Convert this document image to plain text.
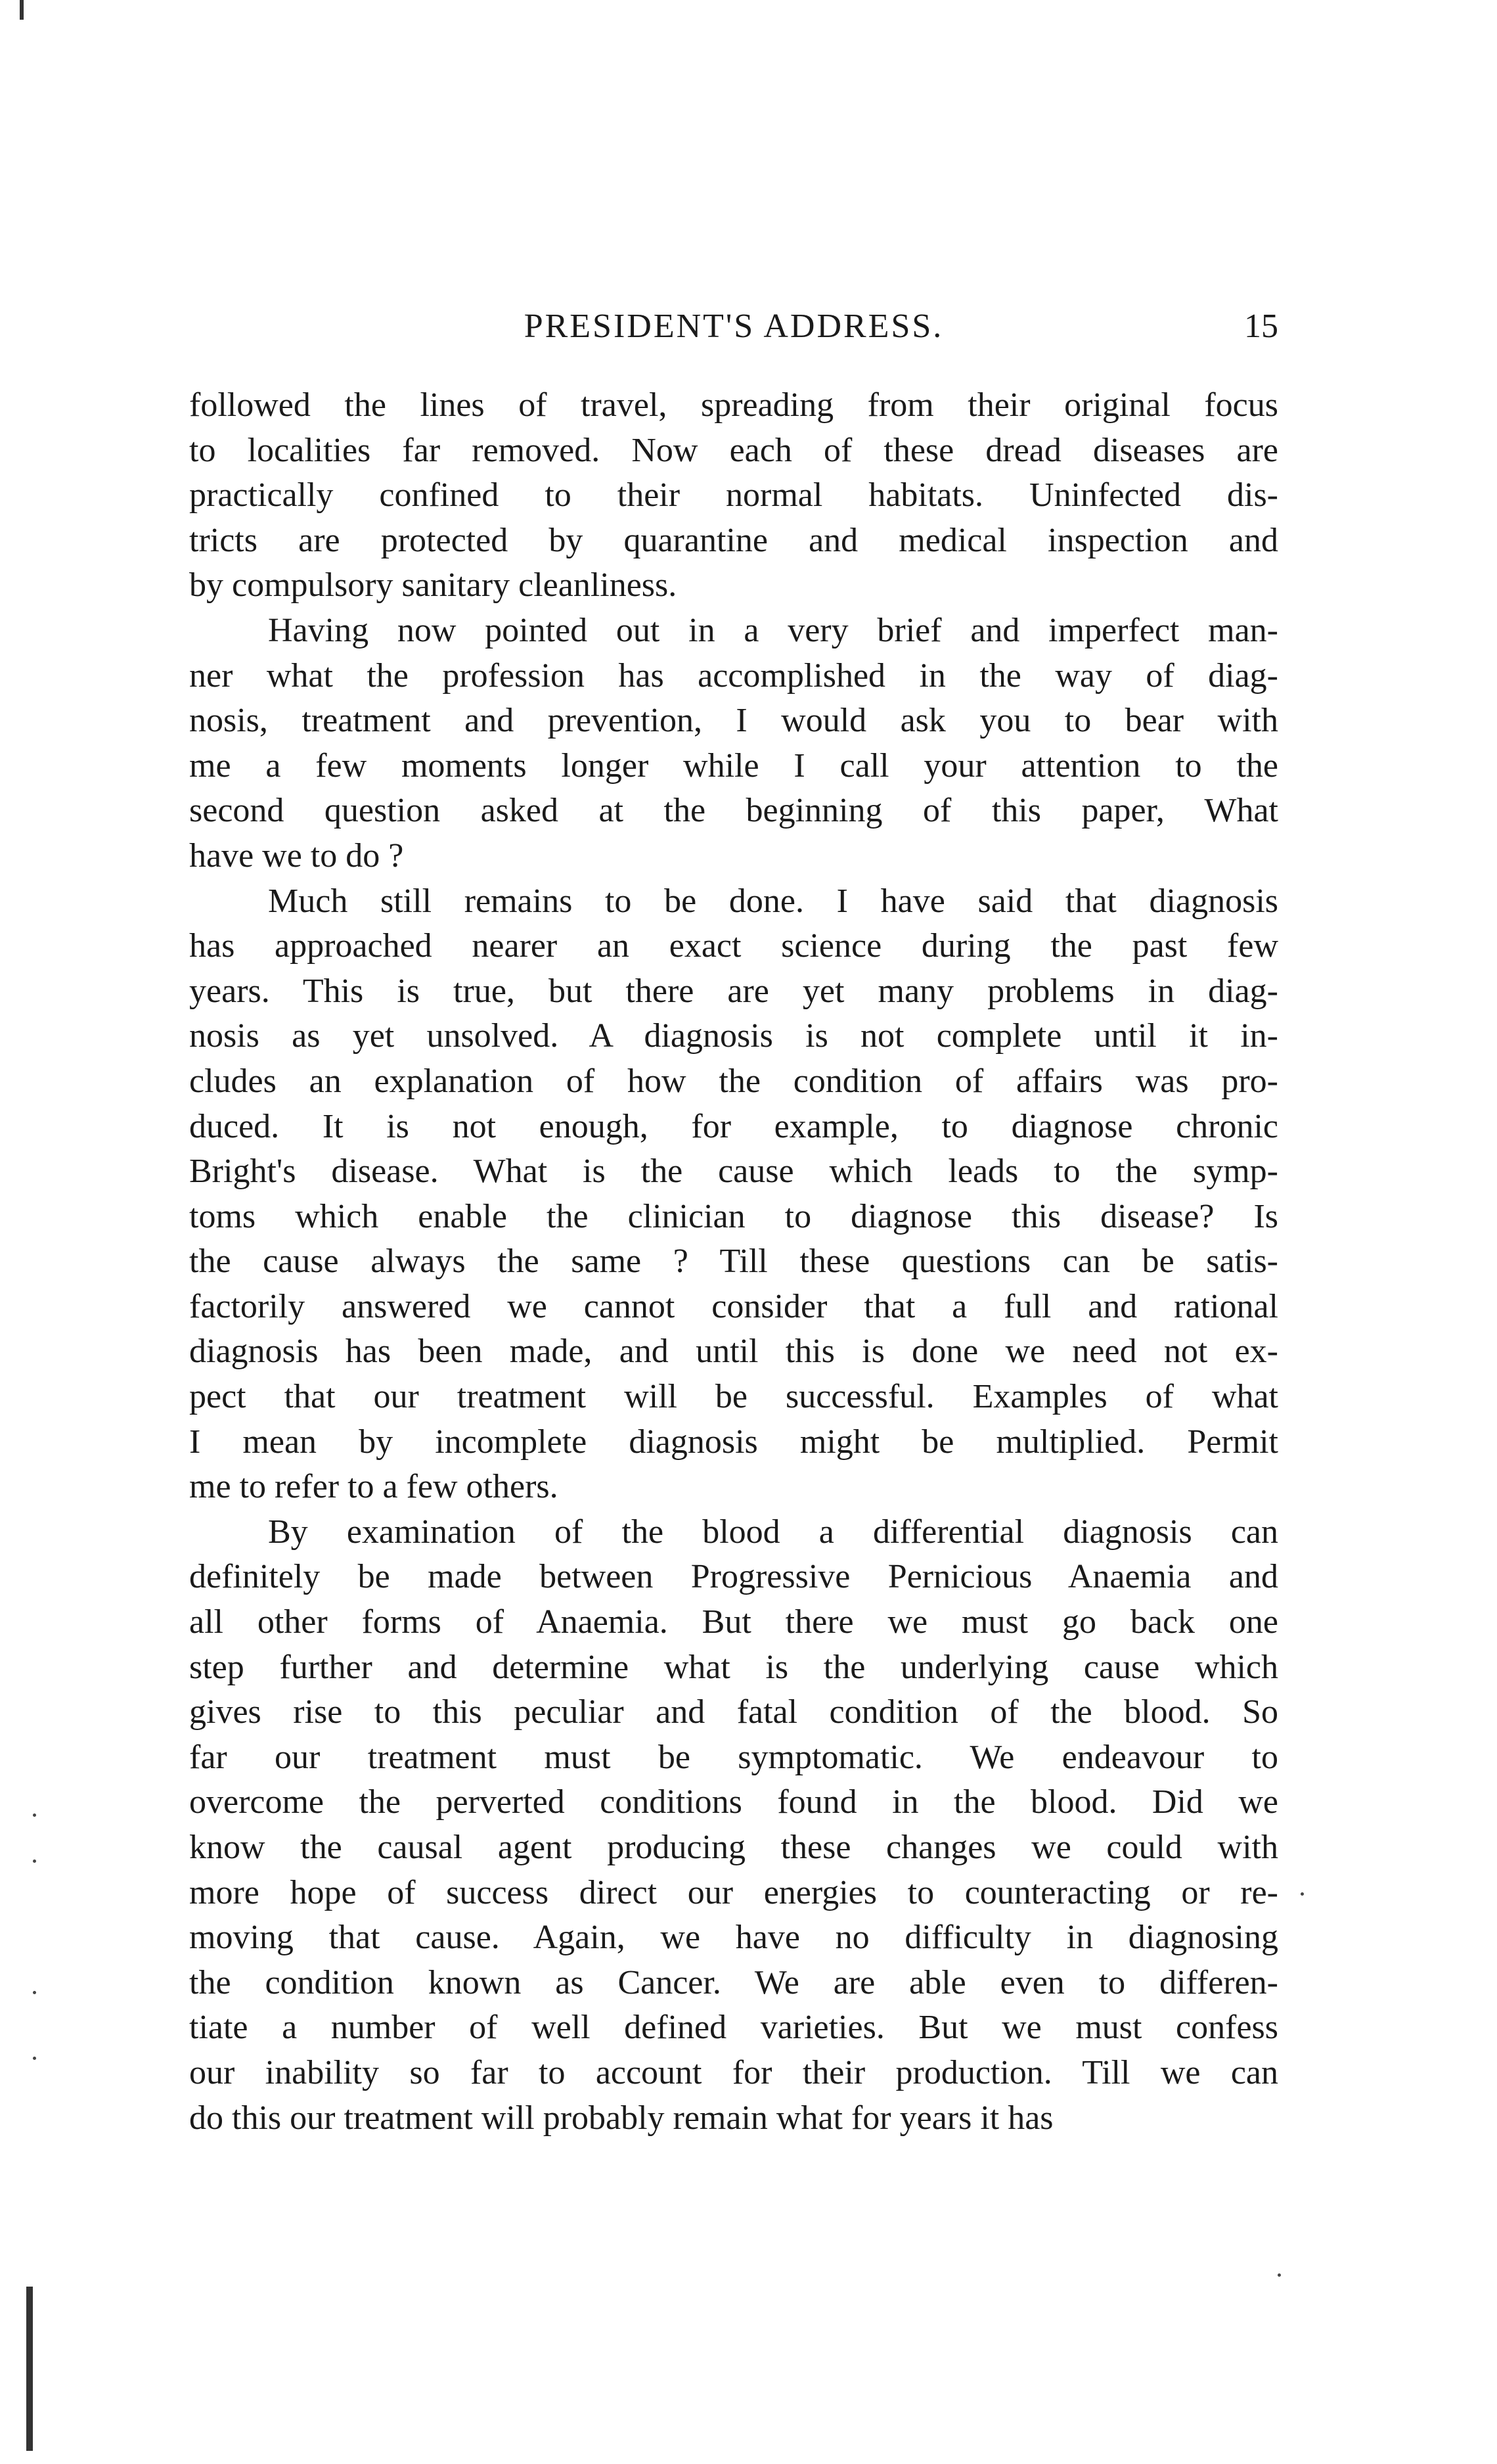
PRESIDENT'S ADDRESS.	15
followed the lines of travel, spreading from their original focus
to localities far removed. Now each of these dread diseases are
practically confined to their normal habitats. Uninfected dis-
tricts are protected by quarantine and medical inspection and
by compulsory sanitary cleanliness.
Having now pointed out in a very brief and imperfect man-
ner what the profession has accomplished in the way of diag-
nosis, treatment and prevention, I would ask you to bear with
me a few moments longer while I call your attention to the
second question asked at the beginning of this paper, What
have we to do ?
Much still remains to be done. I have said that diagnosis
has approached nearer an exact science during the past few
years. This is true, but there are yet many problems in diag-
nosis as yet unsolved. A diagnosis is not complete until it in-
cludes an explanation of how the condition of affairs was pro-
duced. It is not enough, for example, to diagnose chronic
Bright's disease. What is the cause which leads to the symp-
toms which enable the clinician to diagnose this disease? Is
the cause always the same ? Till these questions can be satis-
factorily answered we cannot consider that a full and rational
diagnosis has been made, and until this is done we need not ex-
pect that our treatment will be successful. Examples of what
I mean by incomplete diagnosis might be multiplied. Permit
me to refer to a few others.
By examination of the blood a differential diagnosis can
definitely be made between Progressive Pernicious Anaemia and
all other forms of Anaemia. But there we must go back one
step further and determine what is the underlying cause which
gives rise to this peculiar and fatal condition of the blood. So
far our treatment must be symptomatic. We endeavour to
overcome the perverted conditions found in the blood. Did we
know the causal agent producing these changes we could with
more hope of success direct our energies to counteracting or re-
moving that cause. Again, we have no difficulty in diagnosing
the condition known as Cancer. We are able even to differen-
tiate a number of well defined varieties. But we must confess
our inability so far to account for their production. Till we can
do this our treatment will probably remain what for years it has
